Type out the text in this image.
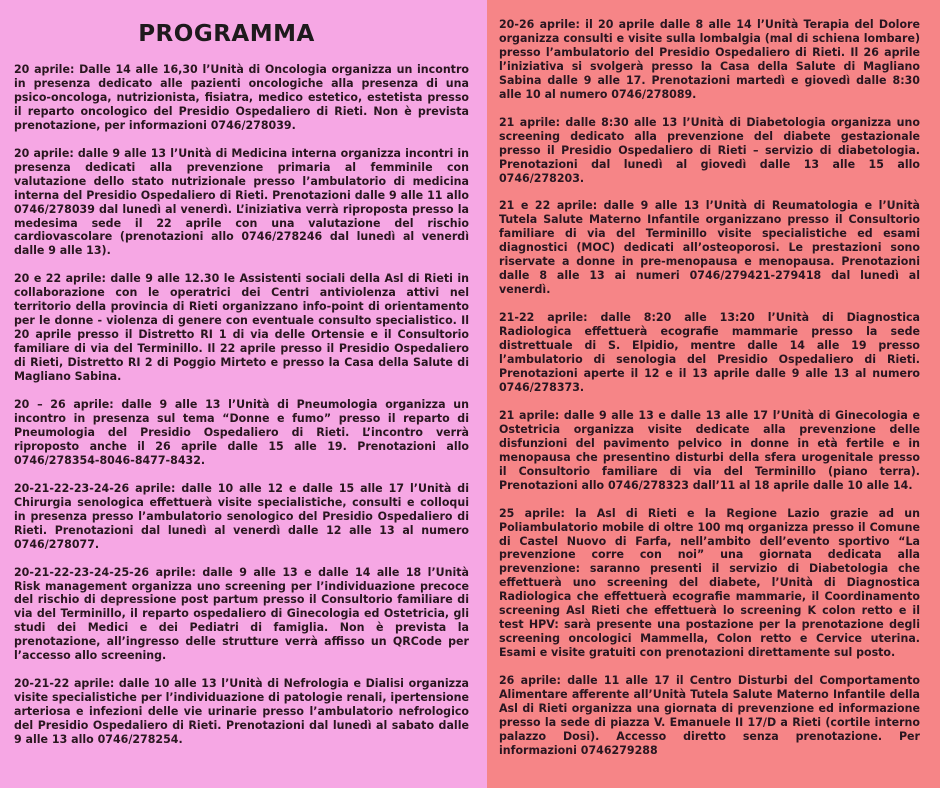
PROGRAMMA
20 aprile: Dalle 14 alle 16,30 l’Unità di Oncologia organizza un incontro in presenza dedicato alle pazienti oncologiche alla presenza di una psico-oncologa, nutrizionista, fisiatra, medico estetico, estetista presso il reparto oncologico del Presidio Ospedaliero di Rieti. Non è prevista prenotazione, per informazioni 0746/278039.
20 aprile: dalle 9 alle 13 l’Unità di Medicina interna organizza incontri in presenza dedicati alla prevenzione primaria al femminile con valutazione dello stato nutrizionale presso l’ambulatorio di medicina interna del Presidio Ospedaliero di Rieti. Prenotazioni dalle 9 alle 11 allo 0746/278039 dal lunedì al venerdì. L’iniziativa verrà riproposta presso la medesima sede il 22 aprile con una valutazione del rischio cardiovascolare (prenotazioni allo 0746/278246 dal lunedì al venerdì dalle 9 alle 13).
20 e 22 aprile: dalle 9 alle 12.30 le Assistenti sociali della Asl di Rieti in collaborazione con le operatrici dei Centri antiviolenza attivi nel territorio della provincia di Rieti organizzano info-point di orientamento per le donne - violenza di genere con eventuale consulto specialistico. Il 20 aprile presso il Distretto RI 1 di via delle Ortensie e il Consultorio familiare di via del Terminillo. Il 22 aprile presso il Presidio Ospedaliero di Rieti, Distretto RI 2 di Poggio Mirteto e presso la Casa della Salute di Magliano Sabina.
20 – 26 aprile: dalle 9 alle 13 l’Unità di Pneumologia organizza un incontro in presenza sul tema “Donne e fumo” presso il reparto di Pneumologia del Presidio Ospedaliero di Rieti. L’incontro verrà riproposto anche il 26 aprile dalle 15 alle 19. Prenotazioni allo 0746/278354-8046-8477-8432.
20-21-22-23-24-26 aprile: dalle 10 alle 12 e dalle 15 alle 17 l’Unità di Chirurgia senologica effettuerà visite specialistiche, consulti e colloqui in presenza presso l’ambulatorio senologico del Presidio Ospedaliero di Rieti. Prenotazioni dal lunedì al venerdì dalle 12 alle 13 al numero 0746/278077.
20-21-22-23-24-25-26 aprile: dalle 9 alle 13 e dalle 14 alle 18 l’Unità Risk management organizza uno screening per l’individuazione precoce del rischio di depressione post partum presso il Consultorio familiare di via del Terminillo, il reparto ospedaliero di Ginecologia ed Ostetricia, gli studi dei Medici e dei Pediatri di famiglia. Non è prevista la prenotazione, all’ingresso delle strutture verrà affisso un QRCode per l’accesso allo screening.
20-21-22 aprile: dalle 10 alle 13 l’Unità di Nefrologia e Dialisi organizza visite specialistiche per l’individuazione di patologie renali, ipertensione arteriosa e infezioni delle vie urinarie presso l’ambulatorio nefrologico del Presidio Ospedaliero di Rieti. Prenotazioni dal lunedì al sabato dalle 9 alle 13 allo 0746/278254.
20-26 aprile: il 20 aprile dalle 8 alle 14 l’Unità Terapia del Dolore organizza consulti e visite sulla lombalgia (mal di schiena lombare) presso l’ambulatorio del Presidio Ospedaliero di Rieti. Il 26 aprile l’iniziativa si svolgerà presso la Casa della Salute di Magliano Sabina dalle 9 alle 17. Prenotazioni martedì e giovedì dalle 8:30 alle 10 al numero 0746/278089.
21 aprile: dalle 8:30 alle 13 l’Unità di Diabetologia organizza uno screening dedicato alla prevenzione del diabete gestazionale presso il Presidio Ospedaliero di Rieti – servizio di diabetologia. Prenotazioni dal lunedì al giovedì dalle 13 alle 15 allo 0746/278203.
21 e 22 aprile: dalle 9 alle 13 l’Unità di Reumatologia e l’Unità Tutela Salute Materno Infantile organizzano presso il Consultorio familiare di via del Terminillo visite specialistiche ed esami diagnostici (MOC) dedicati all’osteoporosi. Le prestazioni sono riservate a donne in pre-menopausa e menopausa. Prenotazioni dalle 8 alle 13 ai numeri 0746/279421-279418 dal lunedì al venerdì.
21-22 aprile: dalle 8:20 alle 13:20 l’Unità di Diagnostica Radiologica effettuerà ecografie mammarie presso la sede distrettuale di S. Elpidio, mentre dalle 14 alle 19 presso l’ambulatorio di senologia del Presidio Ospedaliero di Rieti. Prenotazioni aperte il 12 e il 13 aprile dalle 9 alle 13 al numero 0746/278373.
21 aprile: dalle 9 alle 13 e dalle 13 alle 17 l’Unità di Ginecologia e Ostetricia organizza visite dedicate alla prevenzione delle disfunzioni del pavimento pelvico in donne in età fertile e in menopausa che presentino disturbi della sfera urogenitale presso il Consultorio familiare di via del Terminillo (piano terra). Prenotazioni allo 0746/278323 dall’11 al 18 aprile dalle 10 alle 14.
25 aprile: la Asl di Rieti e la Regione Lazio grazie ad un Poliambulatorio mobile di oltre 100 mq organizza presso il Comune di Castel Nuovo di Farfa, nell’ambito dell’evento sportivo “La prevenzione corre con noi” una giornata dedicata alla prevenzione: saranno presenti il servizio di Diabetologia che effettuerà uno screening del diabete, l’Unità di Diagnostica Radiologica che effettuerà ecografie mammarie, il Coordinamento screening Asl Rieti che effettuerà lo screening K colon retto e il test HPV: sarà presente una postazione per la prenotazione degli screening oncologici Mammella, Colon retto e Cervice uterina. Esami e visite gratuiti con prenotazioni direttamente sul posto.
26 aprile: dalle 11 alle 17 il Centro Disturbi del Comportamento Alimentare afferente all’Unità Tutela Salute Materno Infantile della Asl di Rieti organizza una giornata di prevenzione ed informazione presso la sede di piazza V. Emanuele II 17/D a Rieti (cortile interno palazzo Dosi). Accesso diretto senza prenotazione. Per informazioni 0746279288
